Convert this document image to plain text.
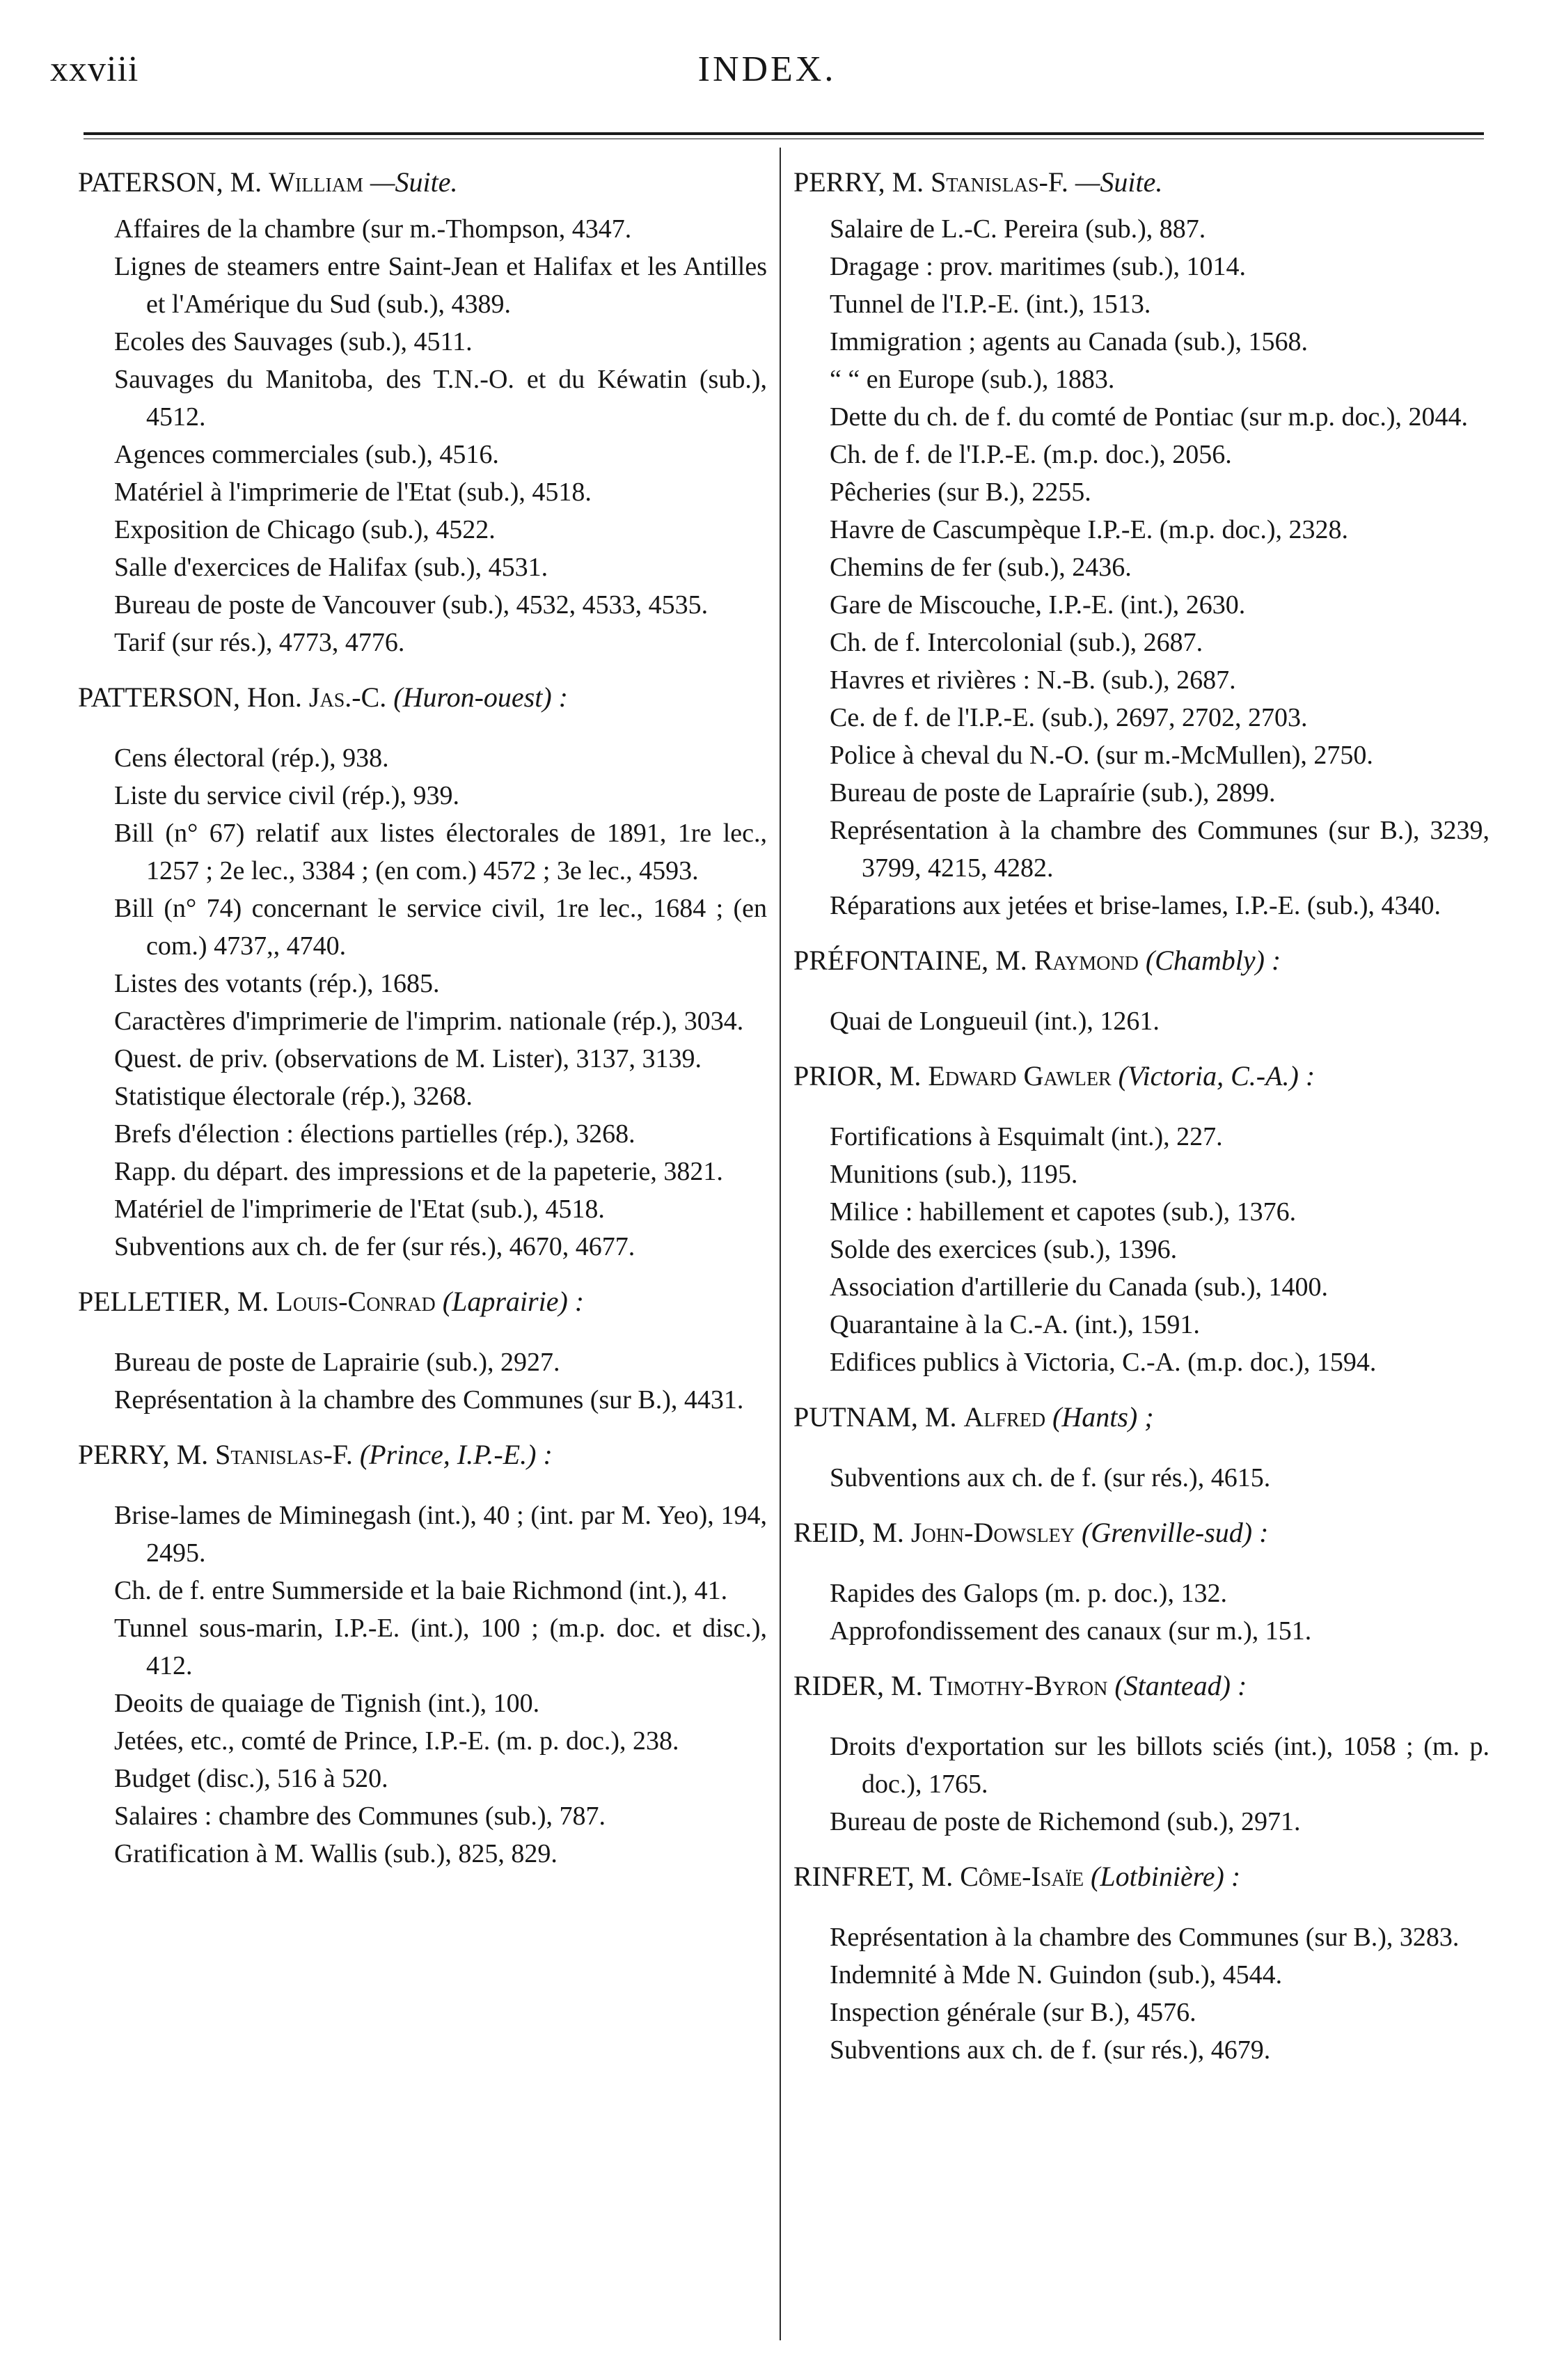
xxviii	INDEX.
PATERSON, M. William —Suite.
Affaires de la chambre (sur m.-Thompson, 4347.
Lignes de steamers entre Saint-Jean et Halifax et les Antilles et l'Amérique du Sud (sub.), 4389.
Ecoles des Sauvages (sub.), 4511.
Sauvages du Manitoba, des T.N.-O. et du Kéwatin (sub.), 4512.
Agences commerciales (sub.), 4516.
Matériel à l'imprimerie de l'Etat (sub.), 4518.
Exposition de Chicago (sub.), 4522.
Salle d'exercices de Halifax (sub.), 4531.
Bureau de poste de Vancouver (sub.), 4532, 4533, 4535.
Tarif (sur rés.), 4773, 4776.
PATTERSON, Hon. Jas.-C. (Huron-ouest) :
Cens électoral (rép.), 938.
Liste du service civil (rép.), 939.
Bill (n° 67) relatif aux listes électorales de 1891, 1re lec., 1257 ; 2e lec., 3384 ; (en com.) 4572 ; 3e lec., 4593.
Bill (n° 74) concernant le service civil, 1re lec., 1684 ; (en com.) 4737,, 4740.
Listes des votants (rép.), 1685.
Caractères d'imprimerie de l'imprim. nationale (rép.), 3034.
Quest. de priv. (observations de M. Lister), 3137, 3139.
Statistique électorale (rép.), 3268.
Brefs d'élection : élections partielles (rép.), 3268.
Rapp. du départ. des impressions et de la papeterie, 3821.
Matériel de l'imprimerie de l'Etat (sub.), 4518.
Subventions aux ch. de fer (sur rés.), 4670, 4677.
PELLETIER, M. Louis-Conrad (Laprairie) :
Bureau de poste de Laprairie (sub.), 2927.
Représentation à la chambre des Communes (sur B.), 4431.
PERRY, M. Stanislas-F. (Prince, I.P.-E.) :
Brise-lames de Miminegash (int.), 40 ; (int. par M. Yeo), 194, 2495.
Ch. de f. entre Summerside et la baie Richmond (int.), 41.
Tunnel sous-marin, I.P.-E. (int.), 100 ; (m.p. doc. et disc.), 412.
Deoits de quaiage de Tignish (int.), 100.
Jetées, etc., comté de Prince, I.P.-E. (m. p. doc.), 238.
Budget (disc.), 516 à 520.
Salaires : chambre des Communes (sub.), 787.
Gratification à M. Wallis (sub.), 825, 829.
PERRY, M. Stanislas-F. —Suite.
Salaire de L.-C. Pereira (sub.), 887.
Dragage : prov. maritimes (sub.), 1014.
Tunnel de l'I.P.-E. (int.), 1513.
Immigration ; agents au Canada (sub.), 1568.
“ “ en Europe (sub.), 1883.
Dette du ch. de f. du comté de Pontiac (sur m.p. doc.), 2044.
Ch. de f. de l'I.P.-E. (m.p. doc.), 2056.
Pêcheries (sur B.), 2255.
Havre de Cascumpèque I.P.-E. (m.p. doc.), 2328.
Chemins de fer (sub.), 2436.
Gare de Miscouche, I.P.-E. (int.), 2630.
Ch. de f. Intercolonial (sub.), 2687.
Havres et rivières : N.-B. (sub.), 2687.
Ce. de f. de l'I.P.-E. (sub.), 2697, 2702, 2703.
Police à cheval du N.-O. (sur m.-McMullen), 2750.
Bureau de poste de Lapraírie (sub.), 2899.
Représentation à la chambre des Communes (sur B.), 3239, 3799, 4215, 4282.
Réparations aux jetées et brise-lames, I.P.-E. (sub.), 4340.
PRÉFONTAINE, M. Raymond (Chambly) :
Quai de Longueuil (int.), 1261.
PRIOR, M. Edward Gawler (Victoria, C.-A.) :
Fortifications à Esquimalt (int.), 227.
Munitions (sub.), 1195.
Milice : habillement et capotes (sub.), 1376.
Solde des exercices (sub.), 1396.
Association d'artillerie du Canada (sub.), 1400.
Quarantaine à la C.-A. (int.), 1591.
Edifices publics à Victoria, C.-A. (m.p. doc.), 1594.
PUTNAM, M. Alfred (Hants) ;
Subventions aux ch. de f. (sur rés.), 4615.
REID, M. John-Dowsley (Grenville-sud) :
Rapides des Galops (m. p. doc.), 132.
Approfondissement des canaux (sur m.), 151.
RIDER, M. Timothy-Byron (Stantead) :
Droits d'exportation sur les billots sciés (int.), 1058 ; (m. p. doc.), 1765.
Bureau de poste de Richemond (sub.), 2971.
RINFRET, M. Côme-Isaïe (Lotbinière) :
Représentation à la chambre des Communes (sur B.), 3283.
Indemnité à Mde N. Guindon (sub.), 4544.
Inspection générale (sur B.), 4576.
Subventions aux ch. de f. (sur rés.), 4679.
